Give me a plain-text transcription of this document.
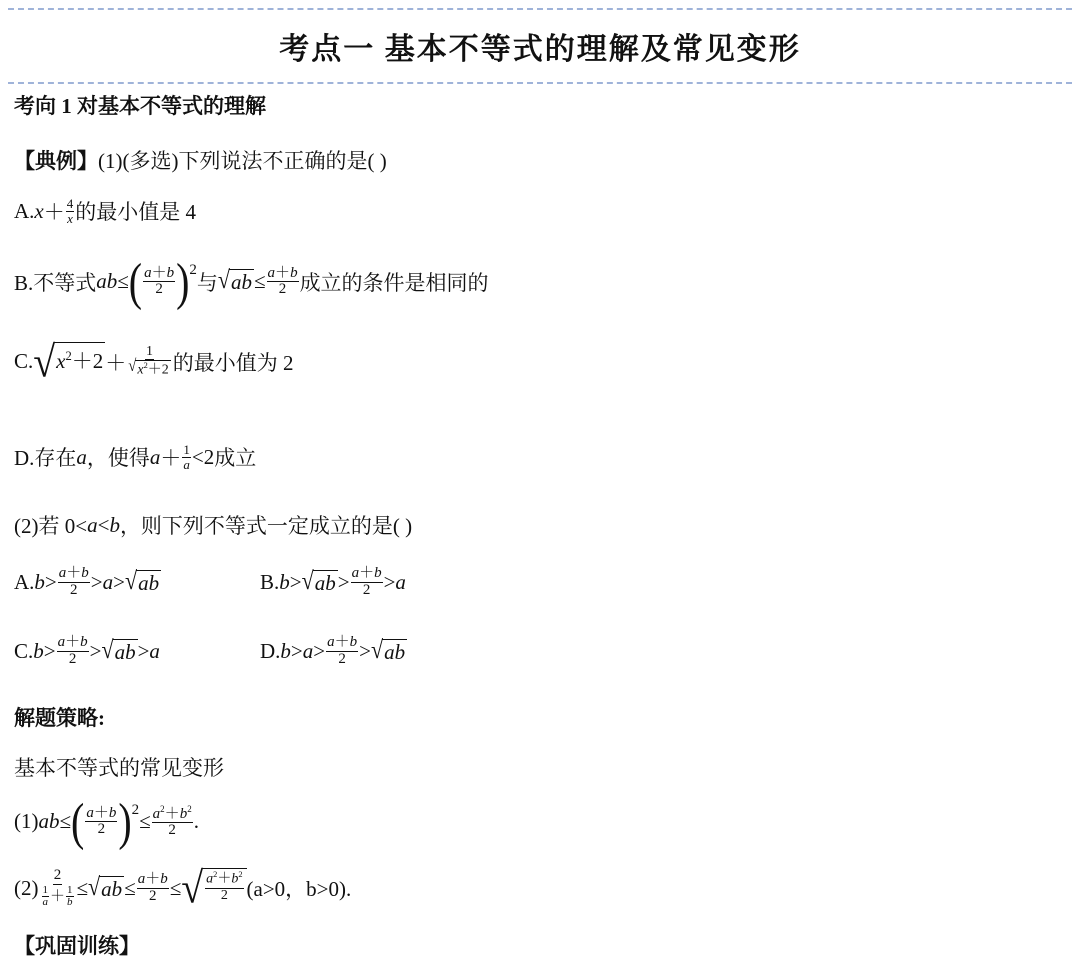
考点一 基本不等式的理解及常见变形
考向 1 对基本不等式的理解
【典例】 (1)(多选)下列说法不正确的是( )
A. $x + \frac{4}{x}$ 的最小值是 4
B.不等式 ab ≤ ( $\frac{a+b}{2} )^2$
与 √ ab ≤ $\frac{a+b}{2}$ 成立的条件是相同的
C. √ $x^2+2 + \frac{1}{√ x^2+2}$ 的最小值为 2
D.存在 a ，使得 $a + \frac{1}{a} <2$ 成立
(2)若 0< a < b ，则下列不等式一定成立的是( )
A. $b > \frac{a+b}{2} > a$ > √ ab	B. b > √ ab > $\frac{a+b}{2} > a$
C. $b > \frac{a+b}{2}$ > √ ab > a	D. $b > a > \frac{a+b}{2}$ > √ ab
解题策略:
基本不等式的常见变形
(1) ab ≤ ( $\frac{a+b}{2} )^2 \le \frac{a^2+b^2}{2}$ .
$(2) \frac{2}{\frac{1}{a} + \frac{1}{b}}$ ≤ √ ab ≤ $\frac{a+b}{2}$ ≤ √ $\frac{a^2+b^2}{2} (a>0$，b>0).
【巩固训练】
